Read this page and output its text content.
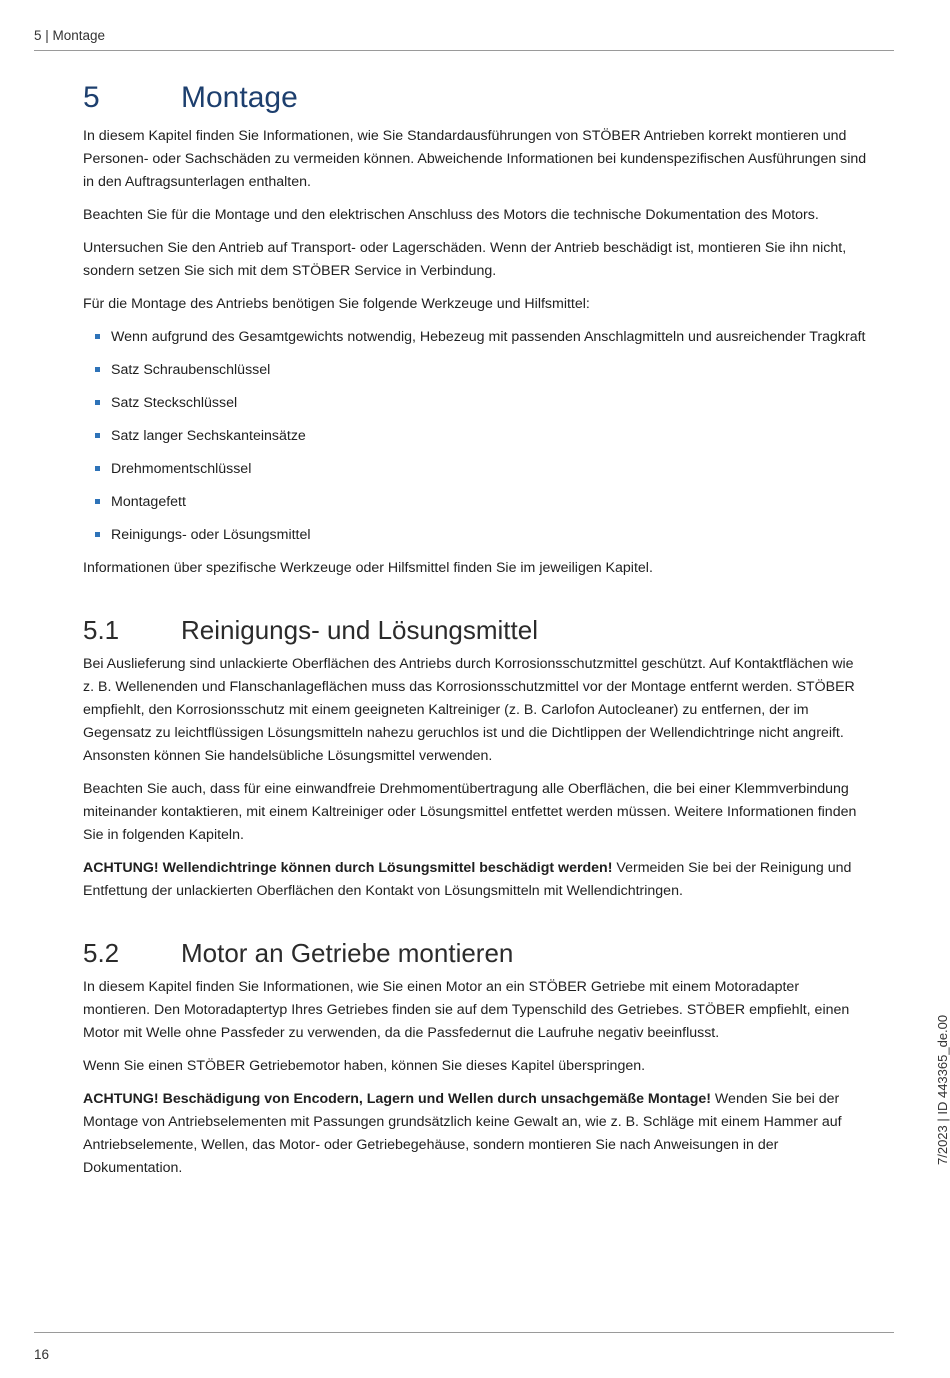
5 | Montage
5	Montage

In diesem Kapitel finden Sie Informationen, wie Sie Standardausführungen von STÖBER Antrieben korrekt montieren und Personen- oder Sachschäden zu vermeiden können. Abweichende Informationen bei kundenspezifischen Ausführungen sind in den Auftragsunterlagen enthalten.

Beachten Sie für die Montage und den elektrischen Anschluss des Motors die technische Dokumentation des Motors.

Untersuchen Sie den Antrieb auf Transport- oder Lagerschäden. Wenn der Antrieb beschädigt ist, montieren Sie ihn nicht, sondern setzen Sie sich mit dem STÖBER Service in Verbindung.

Für die Montage des Antriebs benötigen Sie folgende Werkzeuge und Hilfsmittel:

Wenn aufgrund des Gesamtgewichts notwendig, Hebezeug mit passenden Anschlagmitteln und ausreichender Tragkraft
Satz Schraubenschlüssel
Satz Steckschlüssel
Satz langer Sechskanteinsätze
Drehmomentschlüssel
Montagefett
Reinigungs- oder Lösungsmittel

Informationen über spezifische Werkzeuge oder Hilfsmittel finden Sie im jeweiligen Kapitel.

5.1	Reinigungs- und Lösungsmittel

Bei Auslieferung sind unlackierte Oberflächen des Antriebs durch Korrosionsschutzmittel geschützt. Auf Kontaktflächen wie z. B. Wellenenden und Flanschanlageflächen muss das Korrosionsschutzmittel vor der Montage entfernt werden. STÖBER empfiehlt, den Korrosionsschutz mit einem geeigneten Kaltreiniger (z. B. Carlofon Autocleaner) zu entfernen, der im Gegensatz zu leichtflüssigen Lösungsmitteln nahezu geruchlos ist und die Dichtlippen der Wellendichtringe nicht angreift. Ansonsten können Sie handelsübliche Lösungsmittel verwenden.

Beachten Sie auch, dass für eine einwandfreie Drehmomentübertragung alle Oberflächen, die bei einer Klemmverbindung miteinander kontaktieren, mit einem Kaltreiniger oder Lösungsmittel entfettet werden müssen. Weitere Informationen finden Sie in folgenden Kapiteln.

ACHTUNG! Wellendichtringe können durch Lösungsmittel beschädigt werden! Vermeiden Sie bei der Reinigung und Entfettung der unlackierten Oberflächen den Kontakt von Lösungsmitteln mit Wellendichtringen.

5.2	Motor an Getriebe montieren

In diesem Kapitel finden Sie Informationen, wie Sie einen Motor an ein STÖBER Getriebe mit einem Motoradapter montieren. Den Motoradaptertyp Ihres Getriebes finden sie auf dem Typenschild des Getriebes. STÖBER empfiehlt, einen Motor mit Welle ohne Passfeder zu verwenden, da die Passfedernut die Laufruhe negativ beeinflusst.

Wenn Sie einen STÖBER Getriebemotor haben, können Sie dieses Kapitel überspringen.

ACHTUNG! Beschädigung von Encodern, Lagern und Wellen durch unsachgemäße Montage! Wenden Sie bei der Montage von Antriebselementen mit Passungen grundsätzlich keine Gewalt an, wie z. B. Schläge mit einem Hammer auf Antriebselemente, Wellen, das Motor- oder Getriebegehäuse, sondern montieren Sie nach Anweisungen in der Dokumentation.

7/2023 | ID 443365_de.00
16
